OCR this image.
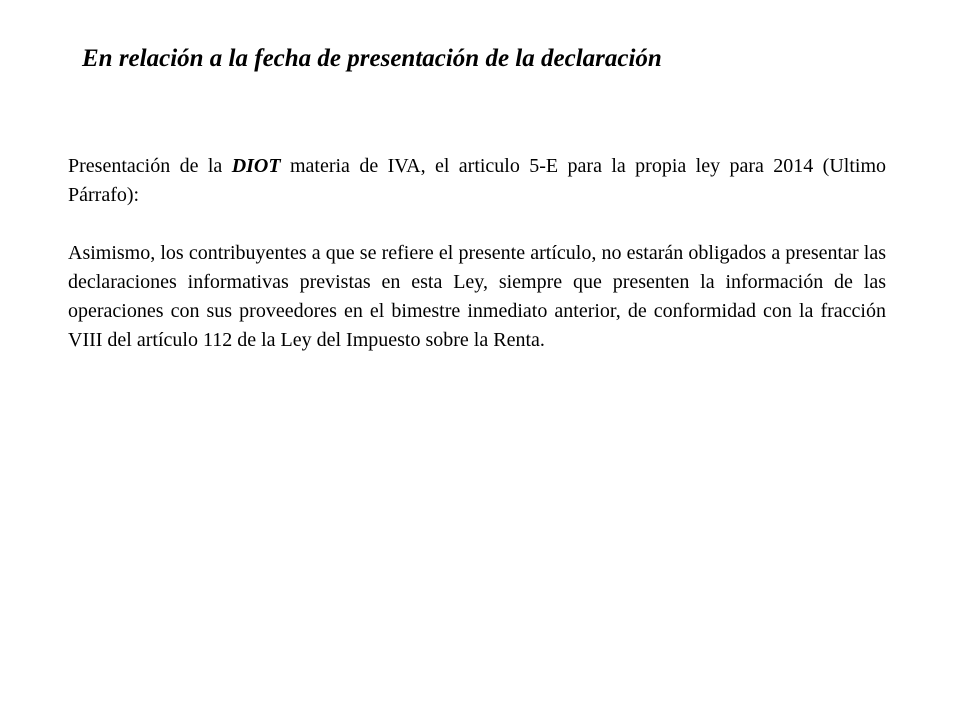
En relación a la fecha de presentación de la declaración

Presentación de la DIOT materia de IVA, el articulo 5-E para la propia ley para 2014 (Ultimo Párrafo):

Asimismo, los contribuyentes a que se refiere el presente artículo, no estarán obligados a presentar las declaraciones informativas previstas en esta Ley, siempre que presenten la información de las operaciones con sus proveedores en el bimestre inmediato anterior, de conformidad con la fracción VIII del artículo 112 de la Ley del Impuesto sobre la Renta.
